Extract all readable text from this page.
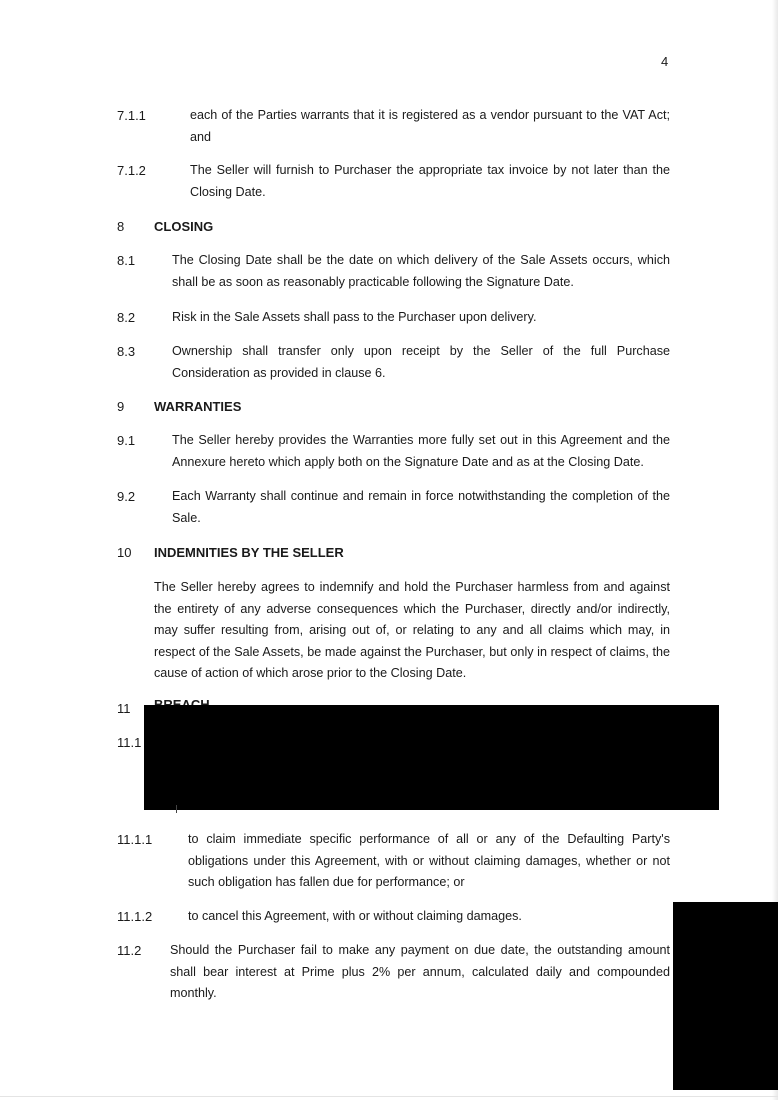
4
7.1.1	each of the Parties warrants that it is registered as a vendor pursuant to the VAT Act; and
7.1.2	The Seller will furnish to Purchaser the appropriate tax invoice by not later than the Closing Date.
8 CLOSING
8.1	The Closing Date shall be the date on which delivery of the Sale Assets occurs, which shall be as soon as reasonably practicable following the Signature Date.
8.2	Risk in the Sale Assets shall pass to the Purchaser upon delivery.
8.3	Ownership shall transfer only upon receipt by the Seller of the full Purchase Consideration as provided in clause 6.
9 WARRANTIES
9.1	The Seller hereby provides the Warranties more fully set out in this Agreement and the Annexure hereto which apply both on the Signature Date and as at the Closing Date.
9.2	Each Warranty shall continue and remain in force notwithstanding the completion of the Sale.
10 INDEMNITIES BY THE SELLER
The Seller hereby agrees to indemnify and hold the Purchaser harmless from and against the entirety of any adverse consequences which the Purchaser, directly and/or indirectly, may suffer resulting from, arising out of, or relating to any and all claims which may, in respect of the Sale Assets, be made against the Purchaser, but only in respect of claims, the cause of action of which arose prior to the Closing Date.
11
11.1
11.1.1	to claim immediate specific performance of all or any of the Defaulting Party's obligations under this Agreement, with or without claiming damages, whether or not such obligation has fallen due for performance; or
11.1.2	to cancel this Agreement, with or without claiming damages.
11.2 Should the Purchaser fail to make any payment on due date, the outstanding amount shall bear interest at Prime plus 2% per annum, calculated daily and compounded monthly.
